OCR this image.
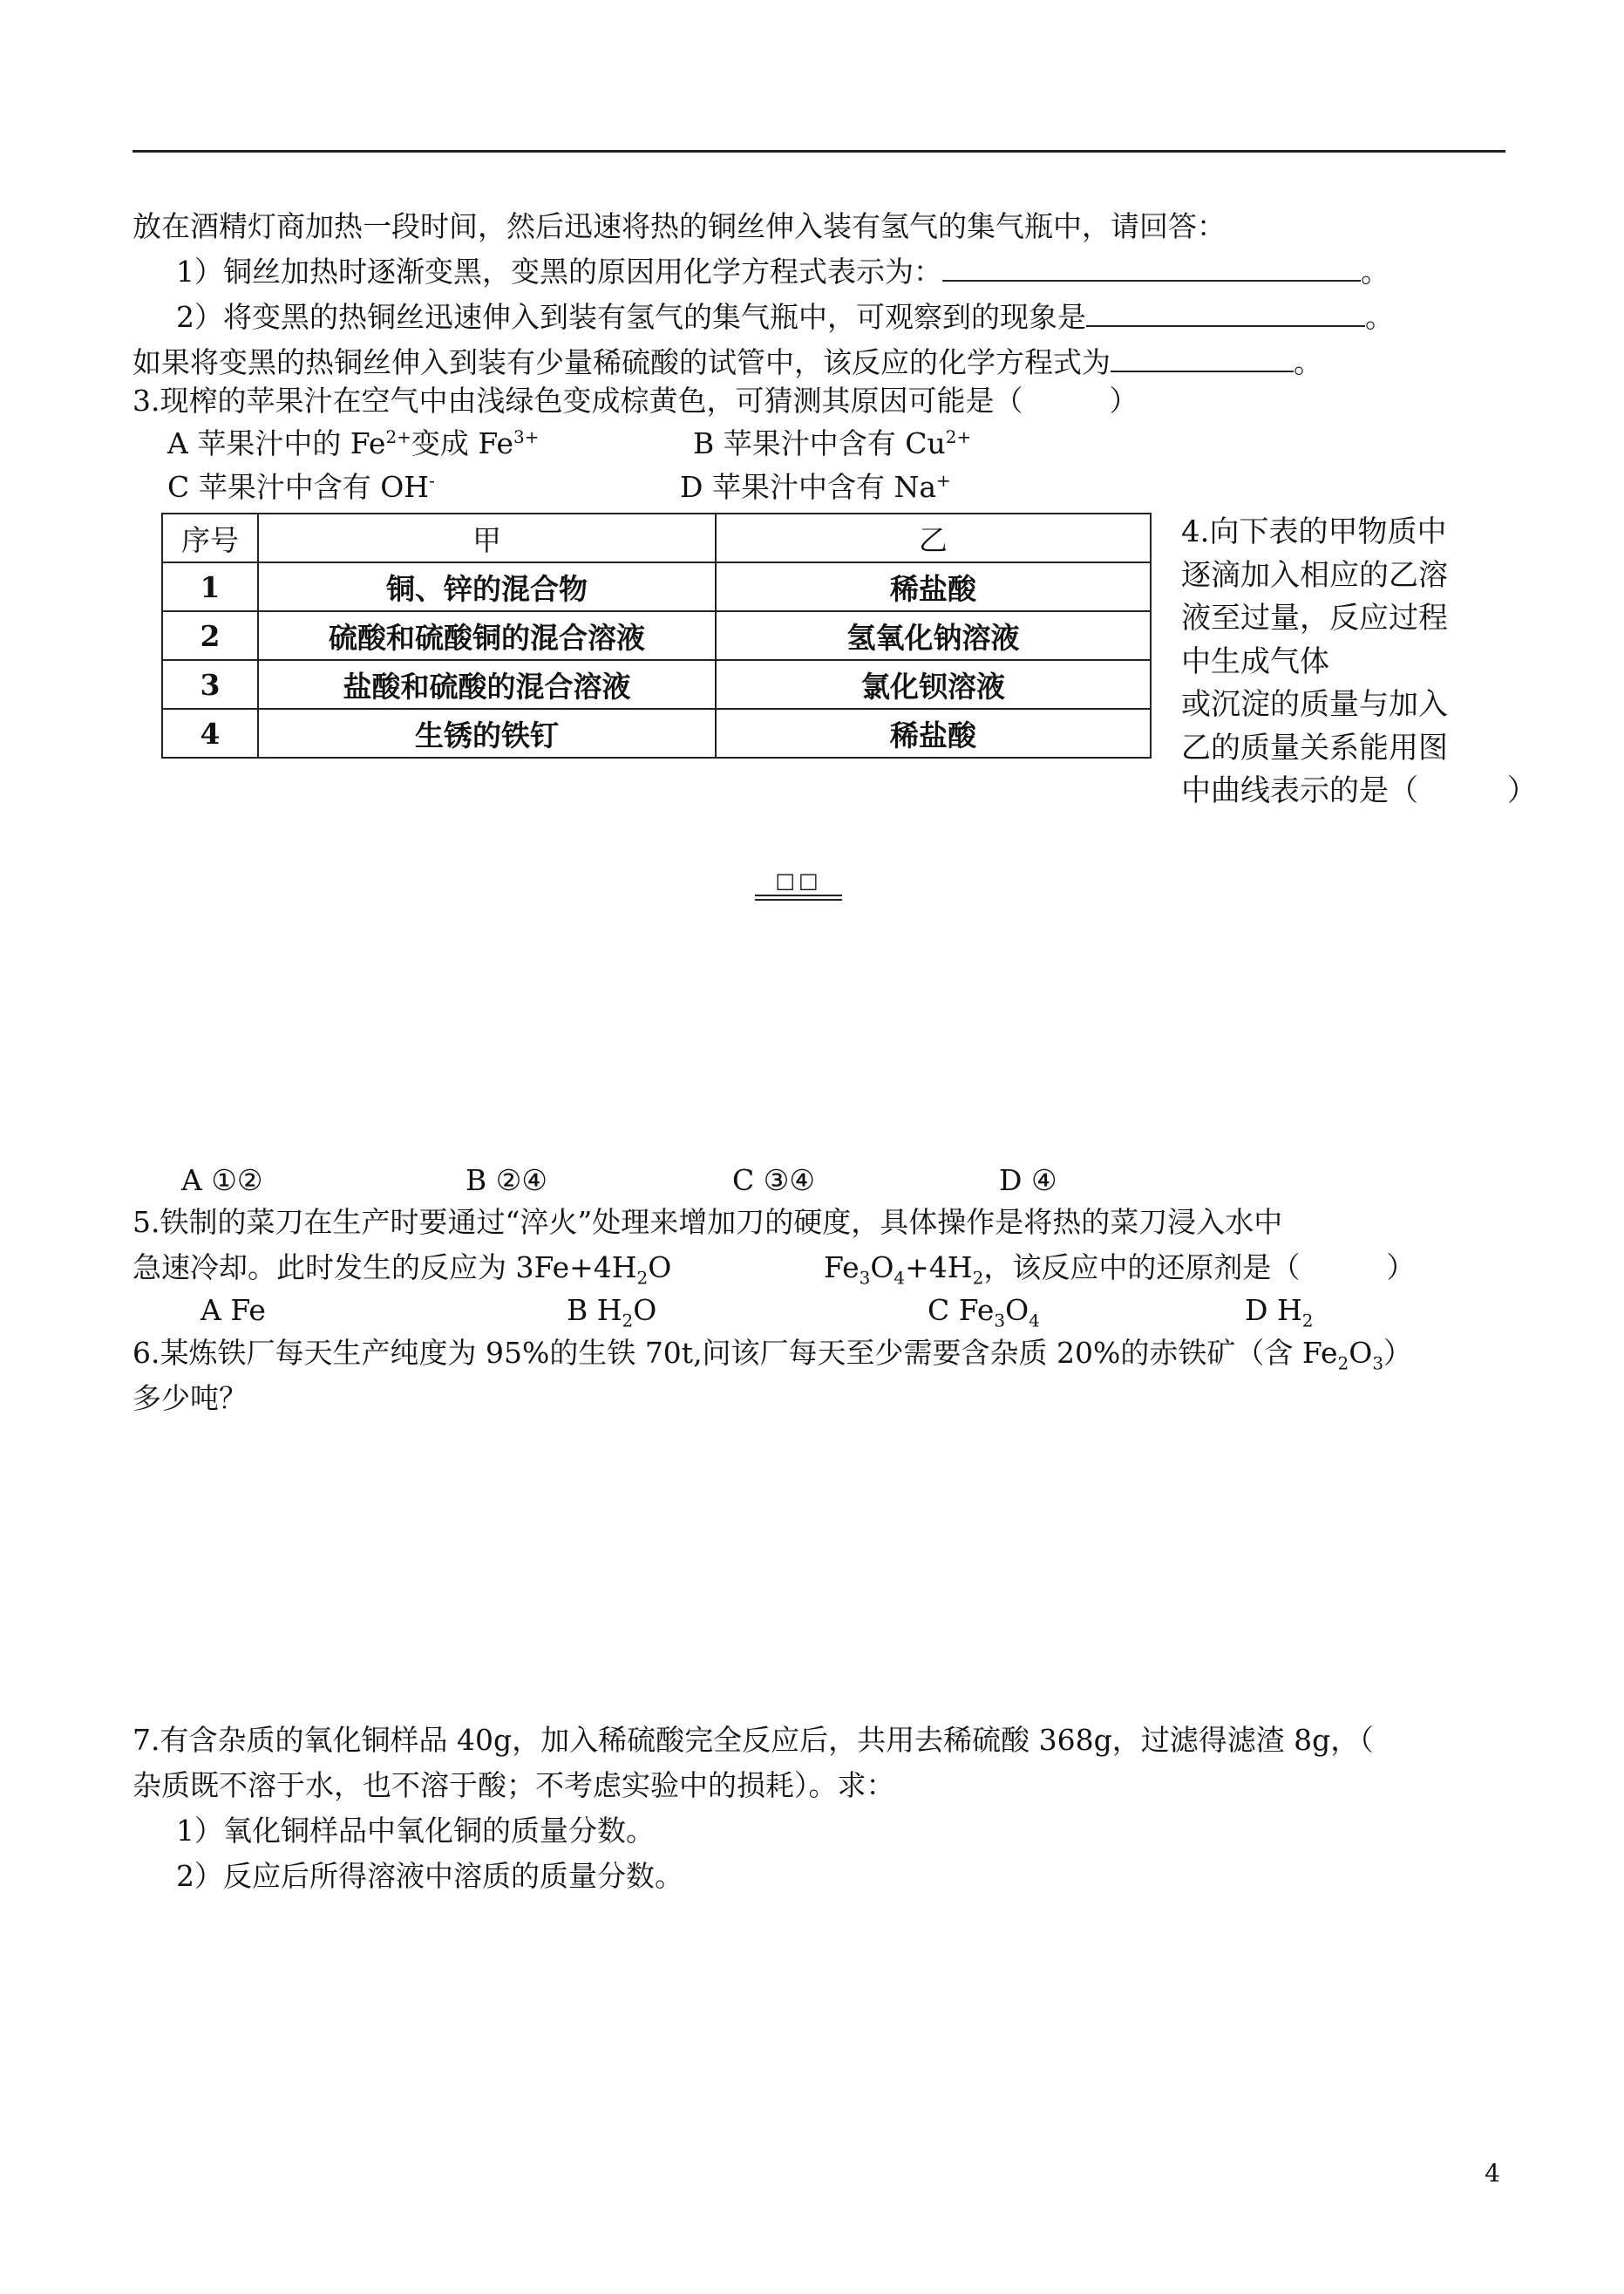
放在酒精灯商加热一段时间，然后迅速将热的铜丝伸入装有氢气的集气瓶中，请回答：
1）铜丝加热时逐渐变黑，变黑的原因用化学方程式表示为：	。
2）将变黑的热铜丝迅速伸入到装有氢气的集气瓶中，可观察到的现象是	。
如果将变黑的热铜丝伸入到装有少量稀硫酸的试管中，该反应的化学方程式为	。
3.现榨的苹果汁在空气中由浅绿色变成棕黄色，可猜测其原因可能是（　　　）
A 苹果汁中的 $Fe^{2+}$变成 $Fe^{3+}$	B 苹果汁中含有 $Cu^{2+}$
C 苹果汁中含有 OH-	D 苹果汁中含有 Na+
序号	甲	乙
1	铜、锌的混合物	稀盐酸
2	硫酸和硫酸铜的混合溶液	氢氧化钠溶液
3	盐酸和硫酸的混合溶液	氯化钡溶液
4	生锈的铁钉	稀盐酸
4.向下表的甲物质中
逐滴加入相应的乙溶
液至过量，反应过程
中生成气体
或沉淀的质量与加入
乙的质量关系能用图
中曲线表示的是（　　　）
□□
A ①②	B ②④	C ③④	D ④
5.铁制的菜刀在生产时要通过“淬火”处理来增加刀的硬度，具体操作是将热的菜刀浸入水中
急速冷却。此时发生的反应为 $3Fe+4H_2O$	$Fe_3O_4+4H_2$，该反应中的还原剂是（　　　）
A Fe	B $H_2O$	C $Fe_3O_4$	D $H_2$
6.某炼铁厂每天生产纯度为 95%的生铁 70t,问该厂每天至少需要含杂质 20%的赤铁矿（含 $Fe_2O_3$）
多少吨？
7.有含杂质的氧化铜样品 40g，加入稀硫酸完全反应后，共用去稀硫酸 368g，过滤得滤渣 8g，（
杂质既不溶于水，也不溶于酸；不考虑实验中的损耗）。求：
1）氧化铜样品中氧化铜的质量分数。
2）反应后所得溶液中溶质的质量分数。
4
